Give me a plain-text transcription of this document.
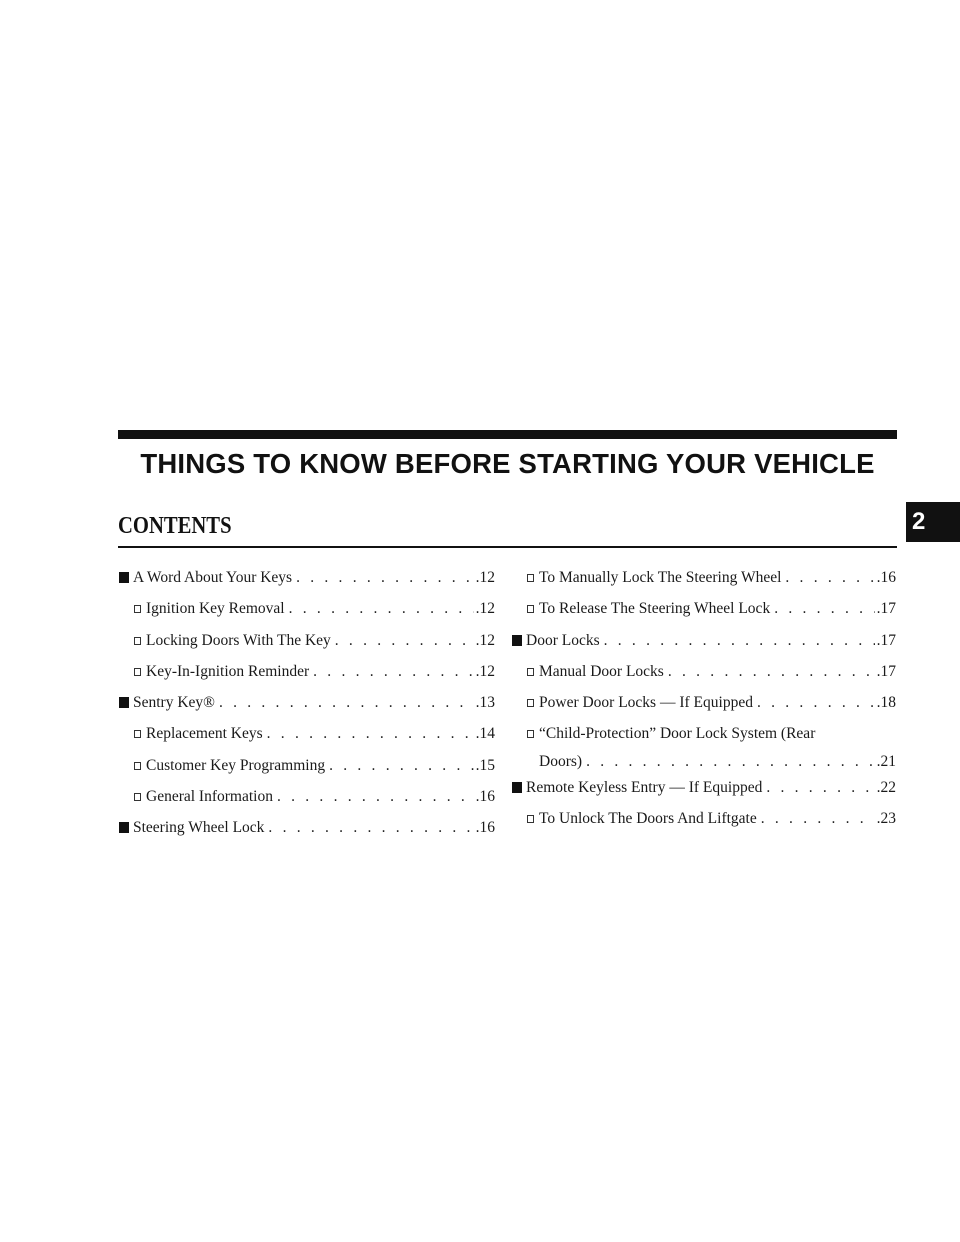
THINGS TO KNOW BEFORE STARTING YOUR VEHICLE
CONTENTS	2
A Word About Your Keys . . .	.12
Ignition Key Removal . . .	.12
Locking Doors With The Key . . .	.12
Key-In-Ignition Reminder . . .	.12
Sentry Key® . . .	.13
Replacement Keys . . .	.14
Customer Key Programming . . .	.15
General Information . . .	.16
Steering Wheel Lock . . .	.16
To Manually Lock The Steering Wheel . . .	.16
To Release The Steering Wheel Lock . . .	.17
Door Locks . . .	.17
Manual Door Locks . . .	.17
Power Door Locks — If Equipped . . .	.18
“Child-Protection” Door Lock System (Rear
Doors) . . .	.21
Remote Keyless Entry — If Equipped . . .	.22
To Unlock The Doors And Liftgate . . .	.23
